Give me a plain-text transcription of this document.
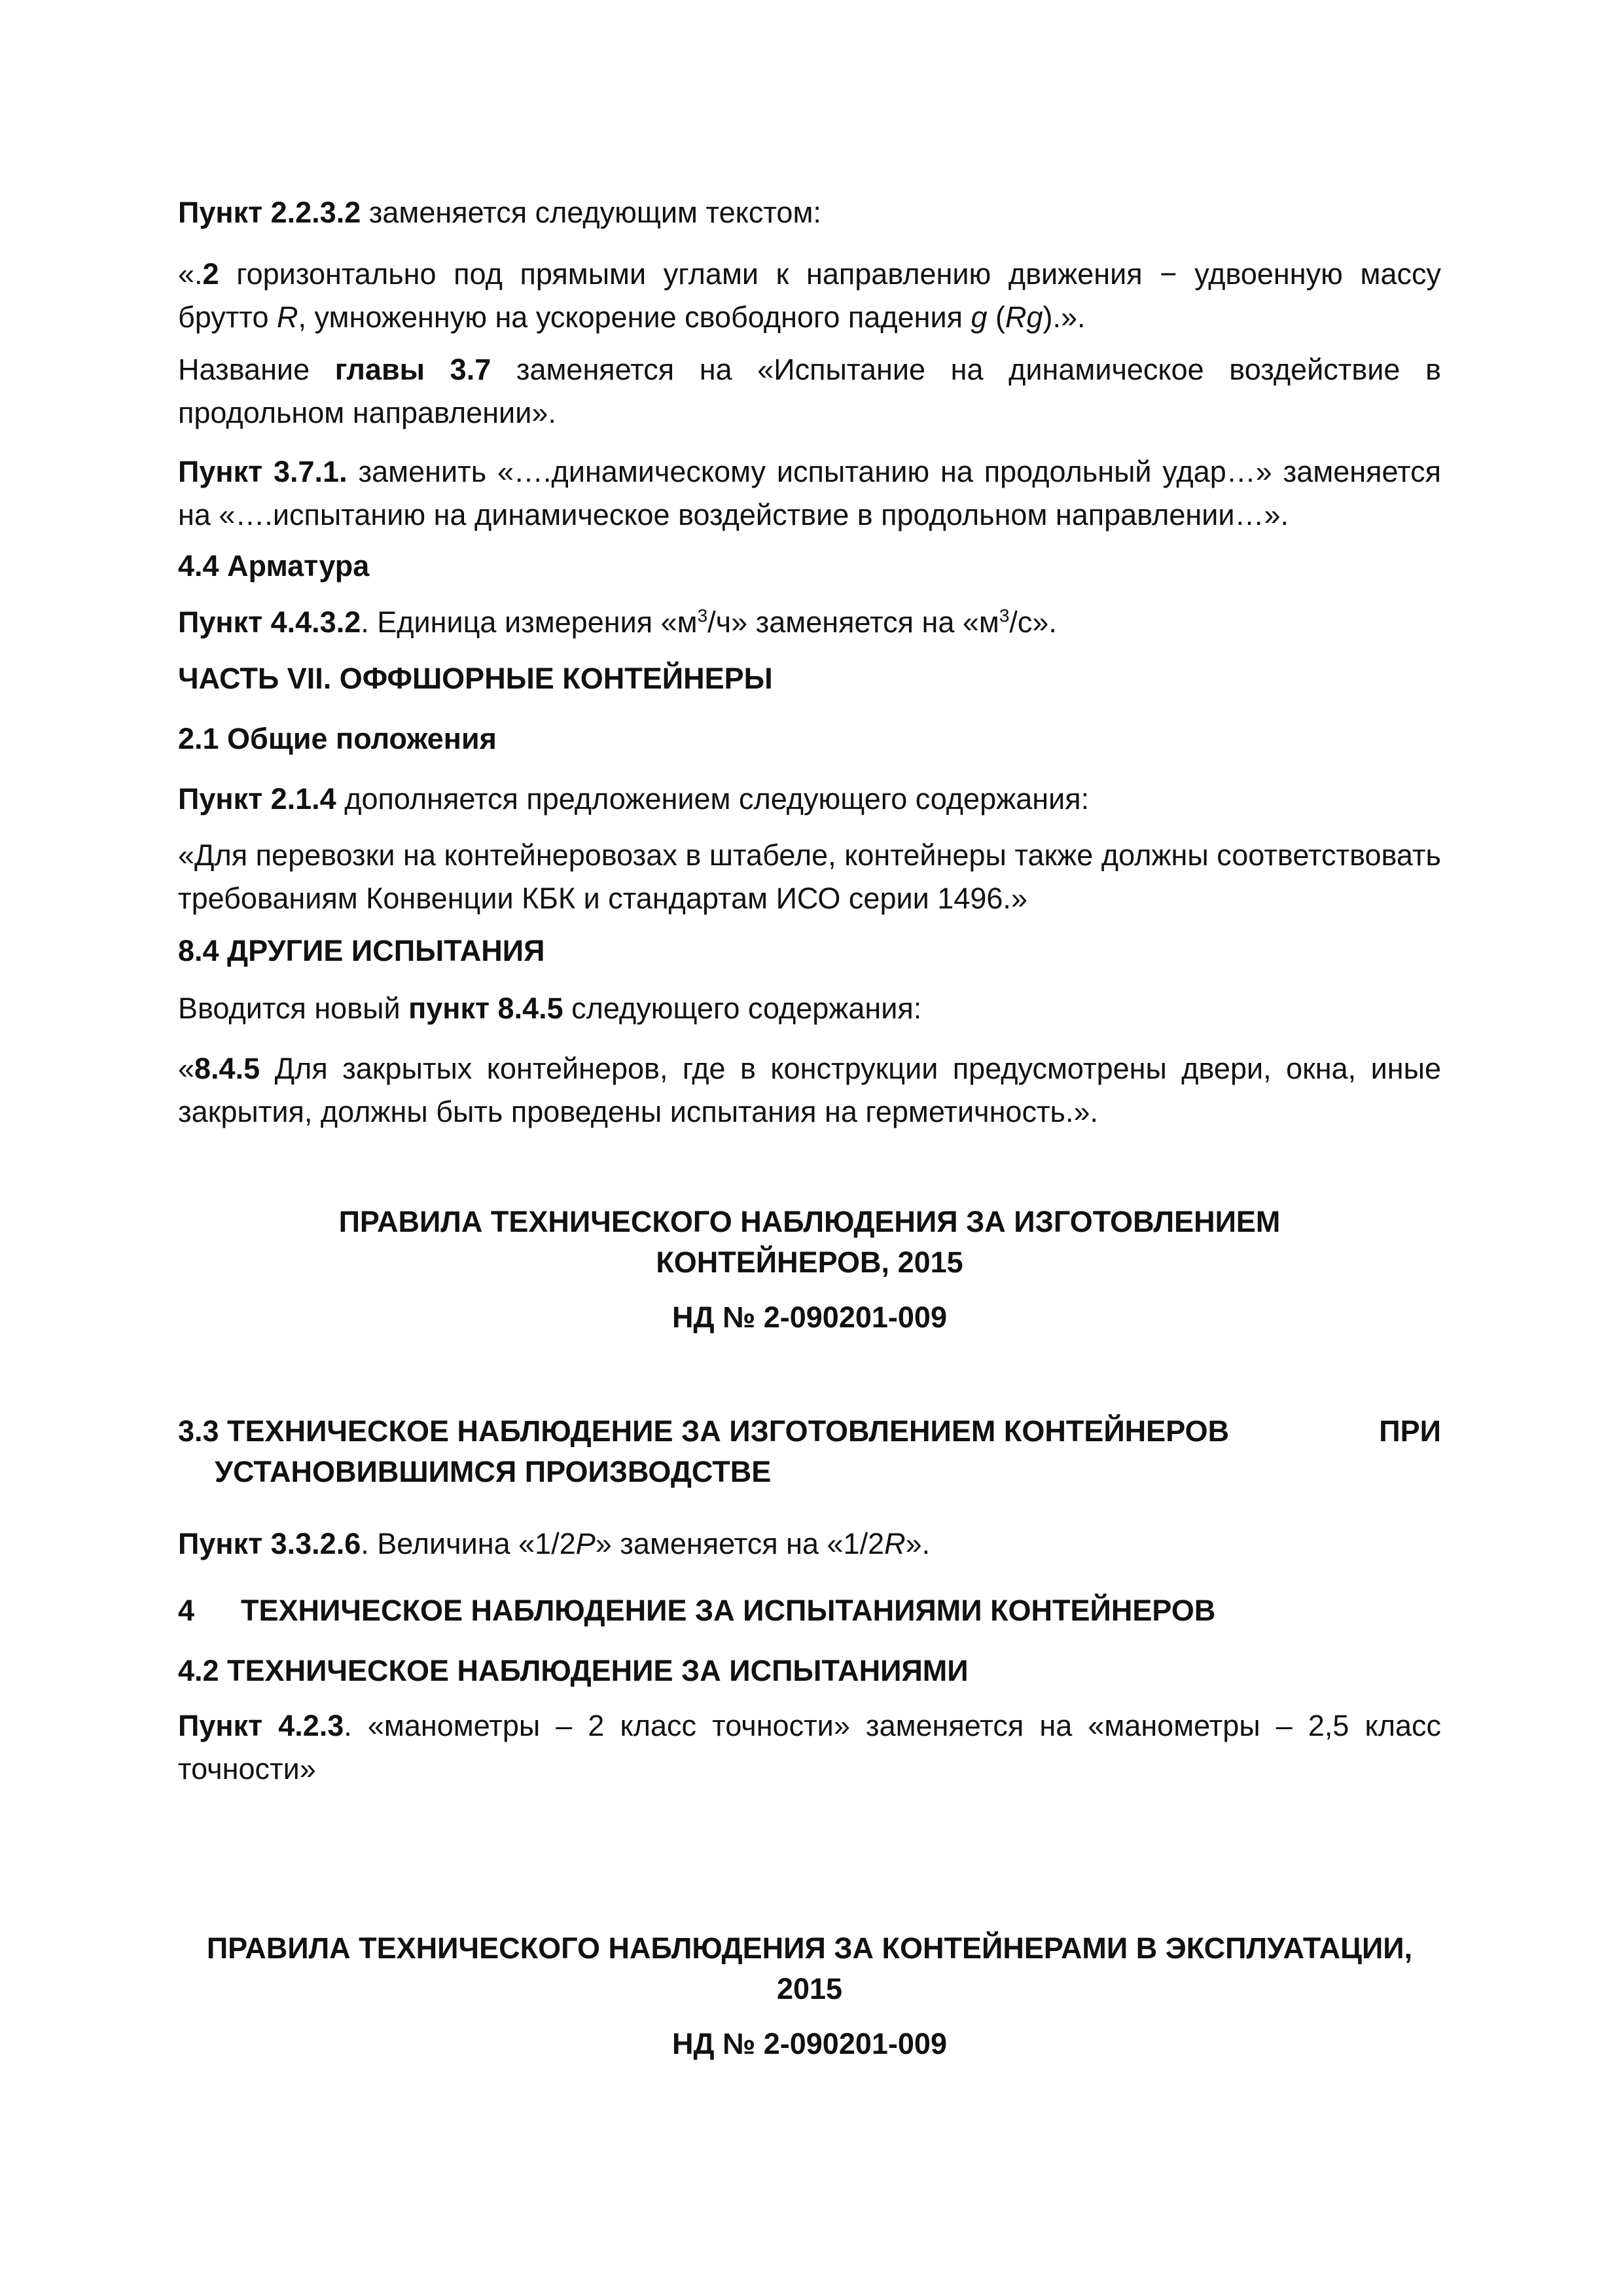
Пункт 2.2.3.2 заменяется следующим текстом:

«.2 горизонтально под прямыми углами к направлению движения − удвоенную массу брутто R, умноженную на ускорение свободного падения g (Rg).».

Название главы 3.7 заменяется на «Испытание на динамическое воздействие в продольном направлении».

Пункт 3.7.1. заменить «….динамическому испытанию на продольный удар…» заменяется на «….испытанию на динамическое воздействие в продольном направлении…».

4.4 Арматура

Пункт 4.4.3.2. Единица измерения «$м^3/ч$» заменяется на «$м^3/с$».

ЧАСТЬ VII. ОФФШОРНЫЕ КОНТЕЙНЕРЫ

2.1 Общие положения

Пункт 2.1.4 дополняется предложением следующего содержания:

«Для перевозки на контейнеровозах в штабеле, контейнеры также должны соответствовать требованиям Конвенции КБК и стандартам ИСО серии 1496.»

8.4 ДРУГИЕ ИСПЫТАНИЯ

Вводится новый пункт 8.4.5 следующего содержания:

«8.4.5 Для закрытых контейнеров, где в конструкции предусмотрены двери, окна, иные закрытия, должны быть проведены испытания на герметичность.».

ПРАВИЛА ТЕХНИЧЕСКОГО НАБЛЮДЕНИЯ ЗА ИЗГОТОВЛЕНИЕМ
КОНТЕЙНЕРОВ, 2015

НД № 2-090201-009

3.3 ТЕХНИЧЕСКОЕ НАБЛЮДЕНИЕ ЗА ИЗГОТОВЛЕНИЕМ КОНТЕЙНЕРОВ	ПРИ
УСТАНОВИВШИМСЯ ПРОИЗВОДСТВЕ

Пункт 3.3.2.6. Величина «1/2P» заменяется на «1/2R».

4 ТЕХНИЧЕСКОЕ НАБЛЮДЕНИЕ ЗА ИСПЫТАНИЯМИ КОНТЕЙНЕРОВ

4.2 ТЕХНИЧЕСКОЕ НАБЛЮДЕНИЕ ЗА ИСПЫТАНИЯМИ

Пункт 4.2.3. «манометры – 2 класс точности» заменяется на «манометры – 2,5 класс точности»

ПРАВИЛА ТЕХНИЧЕСКОГО НАБЛЮДЕНИЯ ЗА КОНТЕЙНЕРАМИ В ЭКСПЛУАТАЦИИ,
2015

НД № 2-090201-009
